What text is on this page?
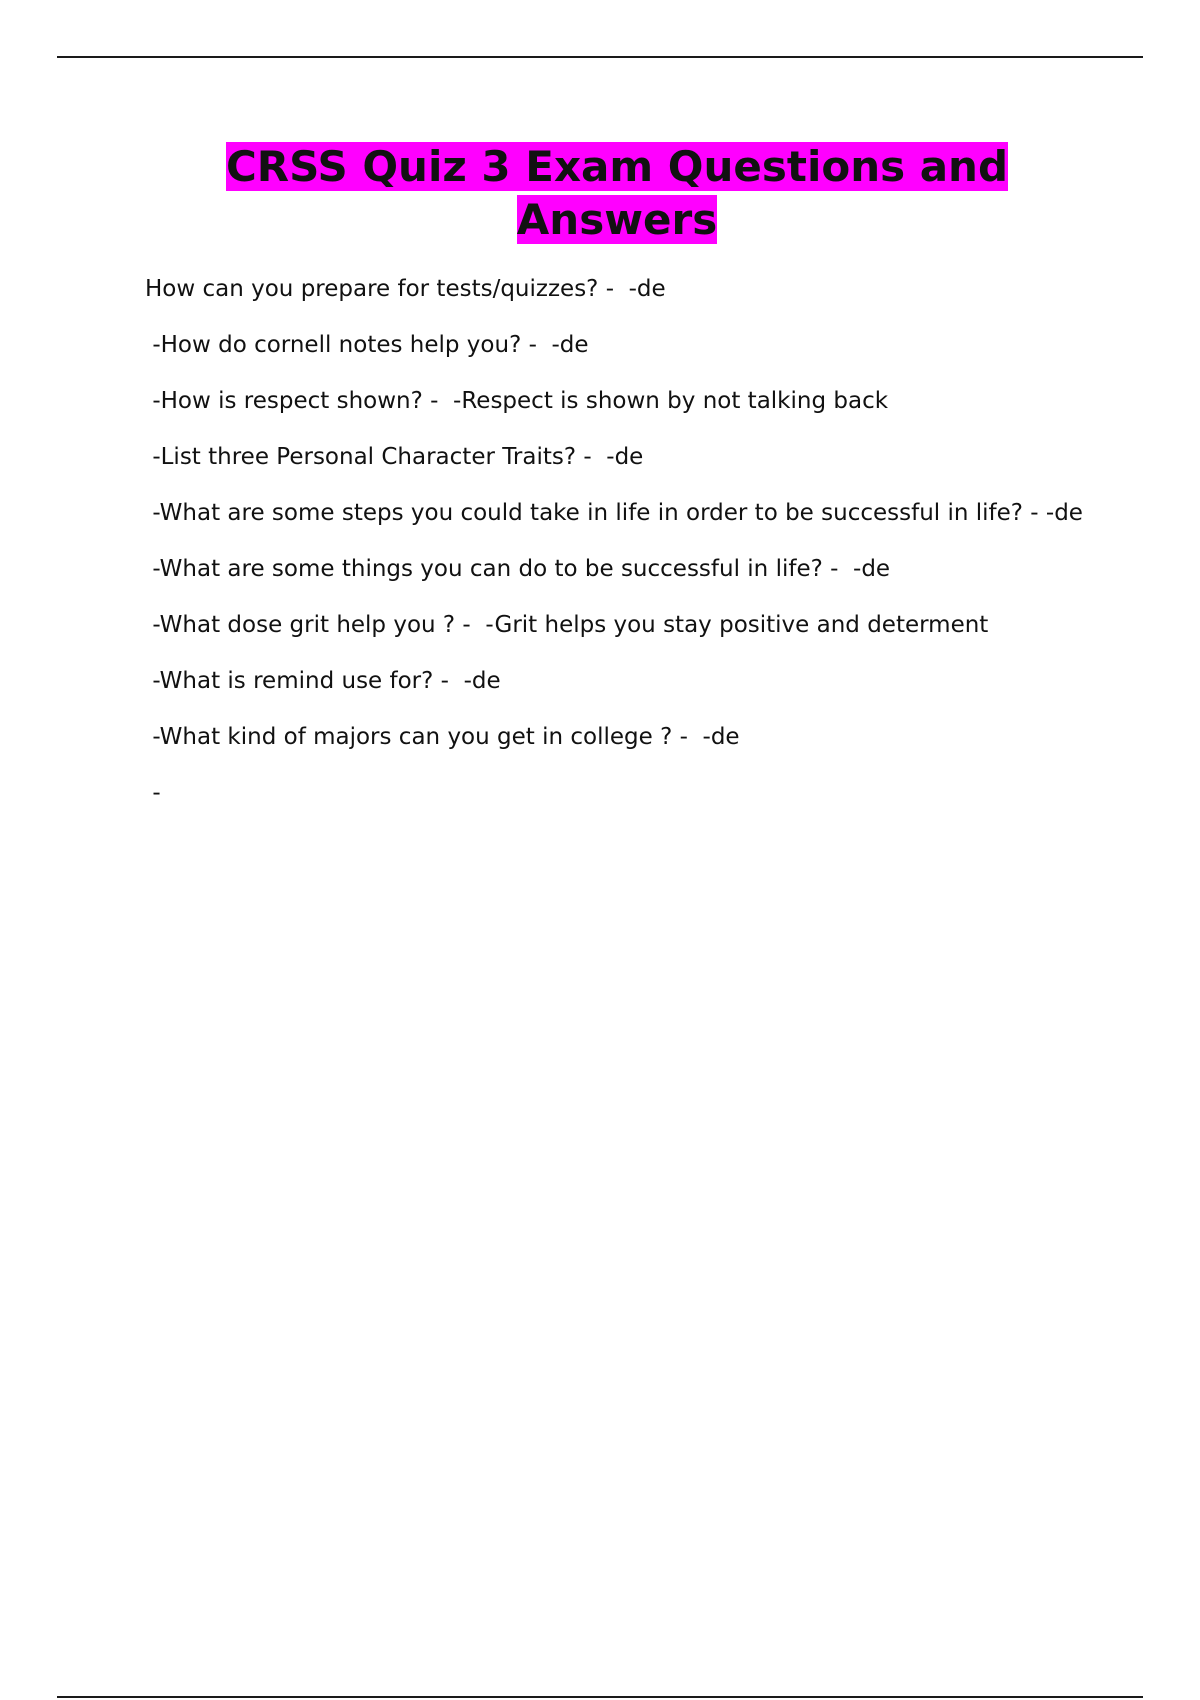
CRSS Quiz 3 Exam Questions and Answers

How can you prepare for tests/quizzes? -  -de

-How do cornell notes help you? -  -de

-How is respect shown? -  -Respect is shown by not talking back

-List three Personal Character Traits? -  -de

-What are some steps you could take in life in order to be successful in life? - -de

-What are some things you can do to be successful in life? -  -de

-What dose grit help you ? -  -Grit helps you stay positive and determent

-What is remind use for? -  -de

-What kind of majors can you get in college ? -  -de

-
